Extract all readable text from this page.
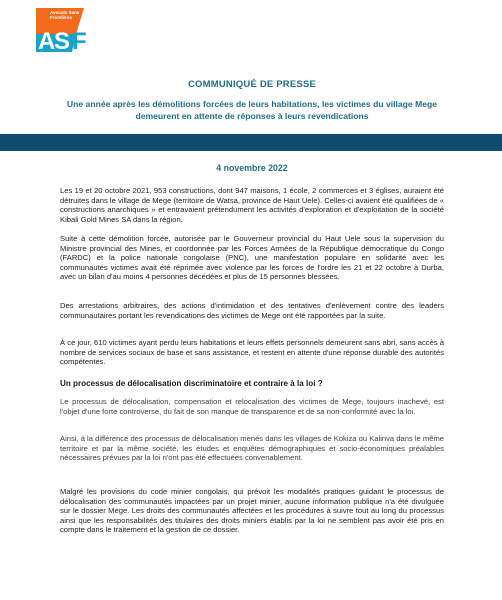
A
S F
Avocats Sans Frontières
COMMUNIQUÉ DE PRESSE
Une année après les démolitions forcées de leurs habitations, les victimes du village Mege demeurent en attente de réponses à leurs revendications
4 novembre 2022

Les 19 et 20 octobre 2021, 953 constructions, dont 947 maisons, 1 école, 2 commerces et 3 églises, auraient été détruites dans le village de Mege (territoire de Watsa, province de Haut Uele). Celles-ci avaient été qualifiées de « constructions anarchiques » et entravaient prétendument les activités d'exploration et d'exploitation de la société Kibali Gold Mines SA dans la région.

Suite à cette démolition forcée, autorisée par le Gouverneur provincial du Haut Uele sous la supervision du Ministre provincial des Mines, et coordonnée par les Forces Armées de la République démocratique du Congo (FARDC) et la police nationale congolaise (PNC), une manifestation populaire en solidarité avec les communautés victimes avait été réprimée avec violence par les forces de l'ordre les 21 et 22 octobre à Durba, avec un bilan d'au moins 4 personnes décédées et plus de 15 personnes blessées.

Des arrestations arbitraires, des actions d'intimidation et des tentatives d'enlèvement contre des leaders communautaires portant les revendications des victimes de Mege ont été rapportées par la suite.

À ce jour, 610 victimes ayant perdu leurs habitations et leurs effets personnels demeurent sans abri, sans accès à nombre de services sociaux de base et sans assistance, et restent en attente d'une réponse durable des autorités compétentes.

Un processus de délocalisation discriminatoire et contraire à la loi ?

Le processus de délocalisation, compensation et relocalisation des victimes de Mege, toujours inachevé, est l'objet d'une forte controverse, du fait de son manque de transparence et de sa non-conformité avec la loi.

Ainsi, à la différence des processus de délocalisation menés dans les villages de Kokiza ou Kalinva dans le même territoire et par la même société, les études et enquêtes démographiques et socio-économiques préalables nécessaires prévues par la loi n'ont pas été effectuées convenablement.

Malgré les provisions du code minier congolais, qui prévoit les modalités pratiques guidant le processus de délocalisation des communautés impactées par un projet minier, aucune information publique n'a été divulguée sur le dossier Mege. Les droits des communautés affectées et les procédures à suivre tout au long du processus ainsi que les responsabilités des titulaires des droits miniers établis par la loi ne semblent pas avoir été pris en compte dans le traitement et la gestion de ce dossier.
